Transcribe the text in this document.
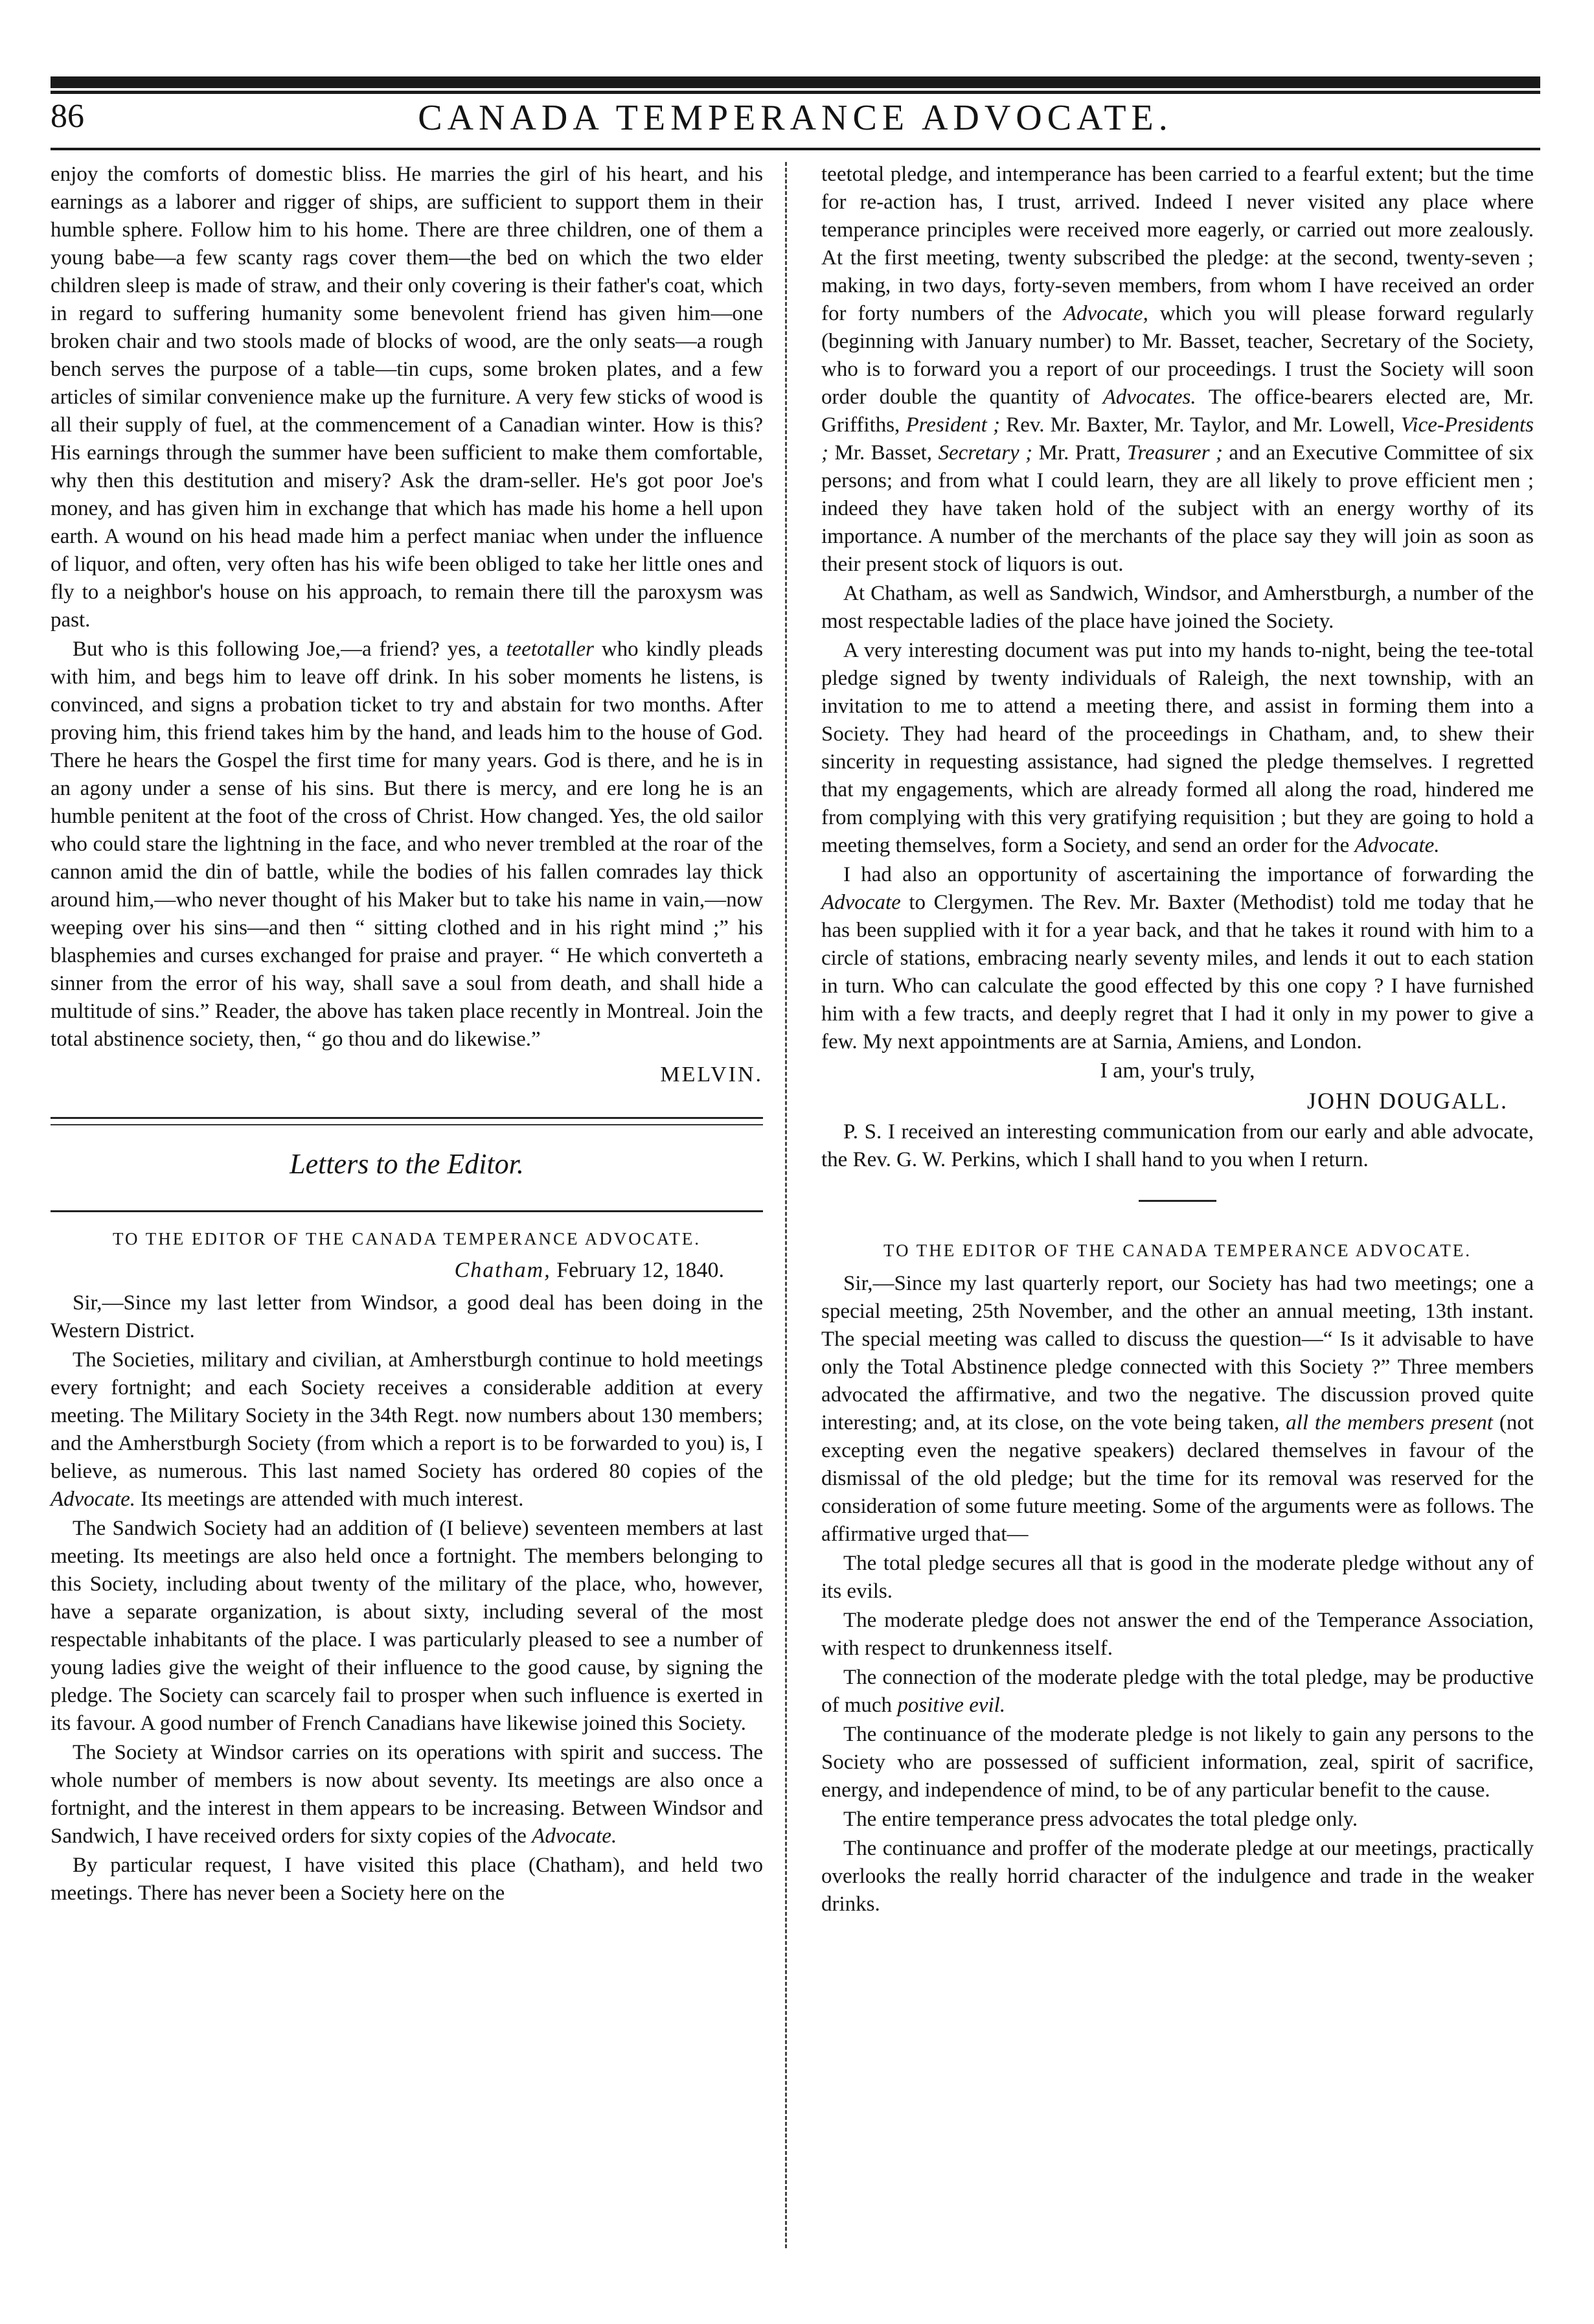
86	CANADA TEMPERANCE ADVOCATE.

enjoy the comforts of domestic bliss. He marries the girl of his heart, and his earnings as a laborer and rigger of ships, are sufficient to support them in their humble sphere. Follow him to his home. There are three children, one of them a young babe—a few scanty rags cover them—the bed on which the two elder children sleep is made of straw, and their only covering is their father's coat, which in regard to suffering humanity some benevolent friend has given him—one broken chair and two stools made of blocks of wood, are the only seats—a rough bench serves the purpose of a table—tin cups, some broken plates, and a few articles of similar convenience make up the furniture. A very few sticks of wood is all their supply of fuel, at the commencement of a Canadian winter. How is this? His earnings through the summer have been sufficient to make them comfortable, why then this destitution and misery? Ask the dram-seller. He's got poor Joe's money, and has given him in exchange that which has made his home a hell upon earth. A wound on his head made him a perfect maniac when under the influence of liquor, and often, very often has his wife been obliged to take her little ones and fly to a neighbor's house on his approach, to remain there till the paroxysm was past.

But who is this following Joe,—a friend? yes, a teetotaller who kindly pleads with him, and begs him to leave off drink. In his sober moments he listens, is convinced, and signs a probation ticket to try and abstain for two months. After proving him, this friend takes him by the hand, and leads him to the house of God. There he hears the Gospel the first time for many years. God is there, and he is in an agony under a sense of his sins. But there is mercy, and ere long he is an humble penitent at the foot of the cross of Christ. How changed. Yes, the old sailor who could stare the lightning in the face, and who never trembled at the roar of the cannon amid the din of battle, while the bodies of his fallen comrades lay thick around him,—who never thought of his Maker but to take his name in vain,—now weeping over his sins—and then “ sitting clothed and in his right mind ;” his blasphemies and curses exchanged for praise and prayer. “ He which converteth a sinner from the error of his way, shall save a soul from death, and shall hide a multitude of sins.” Reader, the above has taken place recently in Montreal. Join the total abstinence society, then, “ go thou and do likewise.”

MELVIN.

Letters to the Editor.
TO THE EDITOR OF THE CANADA TEMPERANCE ADVOCATE.
Chatham, February 12, 1840.

Sir,—Since my last letter from Windsor, a good deal has been doing in the Western District.

The Societies, military and civilian, at Amherstburgh continue to hold meetings every fortnight; and each Society receives a considerable addition at every meeting. The Military Society in the 34th Regt. now numbers about 130 members; and the Amherstburgh Society (from which a report is to be forwarded to you) is, I believe, as numerous. This last named Society has ordered 80 copies of the Advocate. Its meetings are attended with much interest.

The Sandwich Society had an addition of (I believe) seventeen members at last meeting. Its meetings are also held once a fortnight. The members belonging to this Society, including about twenty of the military of the place, who, however, have a separate organization, is about sixty, including several of the most respectable inhabitants of the place. I was particularly pleased to see a number of young ladies give the weight of their influence to the good cause, by signing the pledge. The Society can scarcely fail to prosper when such influence is exerted in its favour. A good number of French Canadians have likewise joined this Society.

The Society at Windsor carries on its operations with spirit and success. The whole number of members is now about seventy. Its meetings are also once a fortnight, and the interest in them appears to be increasing. Between Windsor and Sandwich, I have received orders for sixty copies of the Advocate.

By particular request, I have visited this place (Chatham), and held two meetings. There has never been a Society here on the

teetotal pledge, and intemperance has been carried to a fearful extent; but the time for re-action has, I trust, arrived. Indeed I never visited any place where temperance principles were received more eagerly, or carried out more zealously. At the first meeting, twenty subscribed the pledge: at the second, twenty-seven ; making, in two days, forty-seven members, from whom I have received an order for forty numbers of the Advocate, which you will please forward regularly (beginning with January number) to Mr. Basset, teacher, Secretary of the Society, who is to forward you a report of our proceedings. I trust the Society will soon order double the quantity of Advocates. The office-bearers elected are, Mr. Griffiths, President ; Rev. Mr. Baxter, Mr. Taylor, and Mr. Lowell, Vice-Presidents ; Mr. Basset, Secretary ; Mr. Pratt, Treasurer ; and an Executive Committee of six persons; and from what I could learn, they are all likely to prove efficient men ; indeed they have taken hold of the subject with an energy worthy of its importance. A number of the merchants of the place say they will join as soon as their present stock of liquors is out.

At Chatham, as well as Sandwich, Windsor, and Amherstburgh, a number of the most respectable ladies of the place have joined the Society.

A very interesting document was put into my hands to-night, being the tee-total pledge signed by twenty individuals of Raleigh, the next township, with an invitation to me to attend a meeting there, and assist in forming them into a Society. They had heard of the proceedings in Chatham, and, to shew their sincerity in requesting assistance, had signed the pledge themselves. I regretted that my engagements, which are already formed all along the road, hindered me from complying with this very gratifying requisition ; but they are going to hold a meeting themselves, form a Society, and send an order for the Advocate.

I had also an opportunity of ascertaining the importance of forwarding the Advocate to Clergymen. The Rev. Mr. Baxter (Methodist) told me today that he has been supplied with it for a year back, and that he takes it round with him to a circle of stations, embracing nearly seventy miles, and lends it out to each station in turn. Who can calculate the good effected by this one copy ? I have furnished him with a few tracts, and deeply regret that I had it only in my power to give a few. My next appointments are at Sarnia, Amiens, and London.

I am, your's truly,
JOHN DOUGALL.

P. S. I received an interesting communication from our early and able advocate, the Rev. G. W. Perkins, which I shall hand to you when I return.

TO THE EDITOR OF THE CANADA TEMPERANCE ADVOCATE.

Sir,—Since my last quarterly report, our Society has had two meetings; one a special meeting, 25th November, and the other an annual meeting, 13th instant. The special meeting was called to discuss the question—“ Is it advisable to have only the Total Abstinence pledge connected with this Society ?” Three members advocated the affirmative, and two the negative. The discussion proved quite interesting; and, at its close, on the vote being taken, all the members present (not excepting even the negative speakers) declared themselves in favour of the dismissal of the old pledge; but the time for its removal was reserved for the consideration of some future meeting. Some of the arguments were as follows. The affirmative urged that—

The total pledge secures all that is good in the moderate pledge without any of its evils.

The moderate pledge does not answer the end of the Temperance Association, with respect to drunkenness itself.

The connection of the moderate pledge with the total pledge, may be productive of much positive evil.

The continuance of the moderate pledge is not likely to gain any persons to the Society who are possessed of sufficient information, zeal, spirit of sacrifice, energy, and independence of mind, to be of any particular benefit to the cause.

The entire temperance press advocates the total pledge only.

The continuance and proffer of the moderate pledge at our meetings, practically overlooks the really horrid character of the indulgence and trade in the weaker drinks.
